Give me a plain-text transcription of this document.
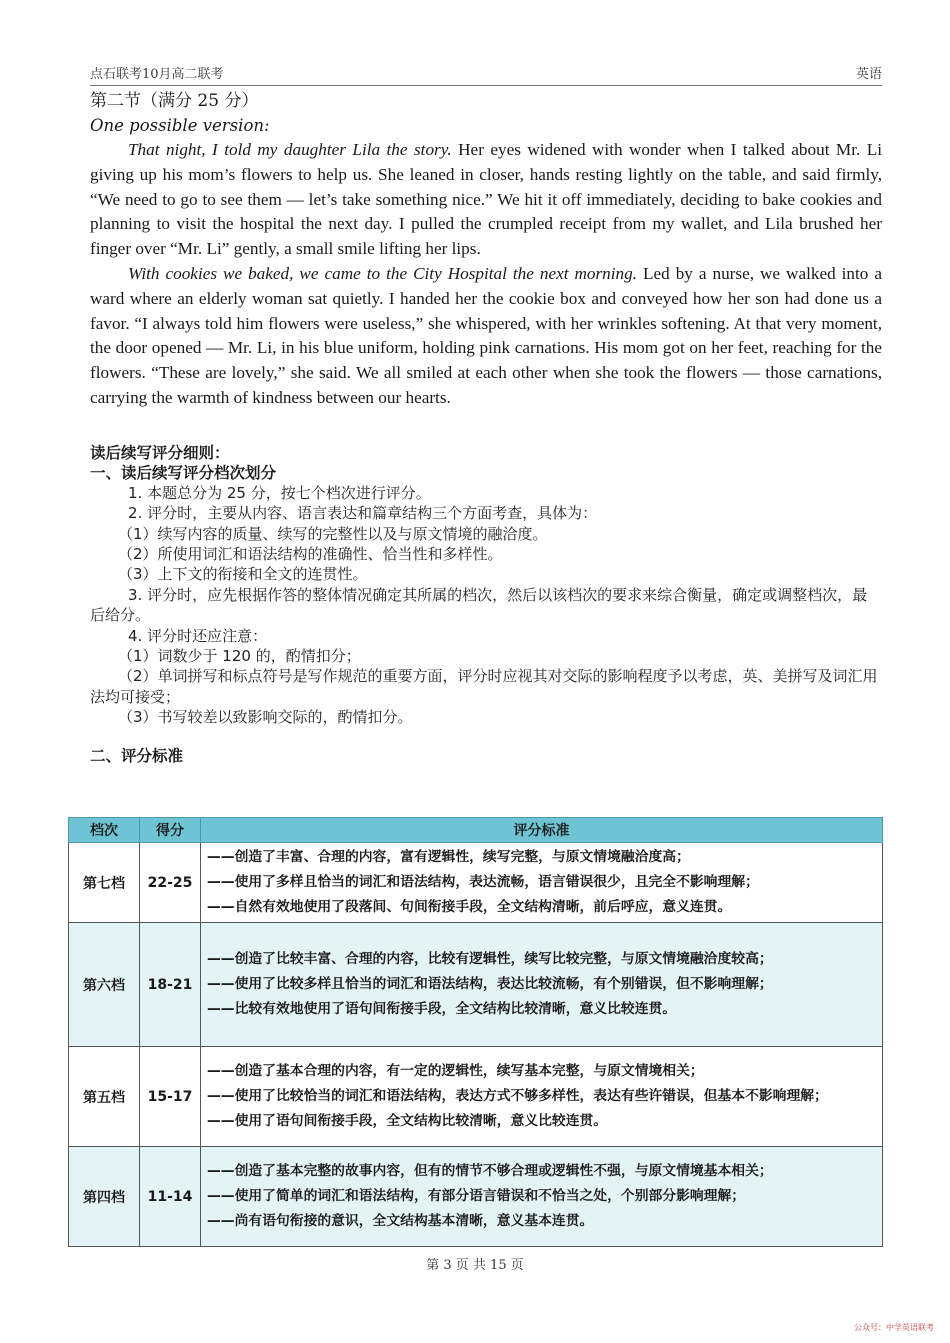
点石联考10月高二联考	英语
第二节（满分 25 分）
One possible version:

That night, I told my daughter Lila the story. Her eyes widened with wonder when I talked about Mr. Li giving up his mom’s flowers to help us. She leaned in closer, hands resting lightly on the table, and said firmly, “We need to go to see them — let’s take something nice.” We hit it off immediately, deciding to bake cookies and planning to visit the hospital the next day. I pulled the crumpled receipt from my wallet, and Lila brushed her finger over “Mr. Li” gently, a small smile lifting her lips.

With cookies we baked, we came to the City Hospital the next morning. Led by a nurse, we walked into a ward where an elderly woman sat quietly. I handed her the cookie box and conveyed how her son had done us a favor. “I always told him flowers were useless,” she whispered, with her wrinkles softening. At that very moment, the door opened — Mr. Li, in his blue uniform, holding pink carnations. His mom got on her feet, reaching for the flowers. “These are lovely,” she said. We all smiled at each other when she took the flowers — those carnations, carrying the warmth of kindness between our hearts.

读后续写评分细则：
一、读后续写评分档次划分
1. 本题总分为 25 分，按七个档次进行评分。
2. 评分时，主要从内容、语言表达和篇章结构三个方面考查，具体为：
（1）续写内容的质量、续写的完整性以及与原文情境的融洽度。
（2）所使用词汇和语法结构的准确性、恰当性和多样性。
（3）上下文的衔接和全文的连贯性。
3. 评分时，应先根据作答的整体情况确定其所属的档次，然后以该档次的要求来综合衡量，确定或调整档次，最后给分。
4. 评分时还应注意：
（1）词数少于 120 的，酌情扣分；
（2）单词拼写和标点符号是写作规范的重要方面，评分时应视其对交际的影响程度予以考虑，英、美拼写及词汇用法均可接受；
（3）书写较差以致影响交际的，酌情扣分。
二、评分标准
档次	得分	评分标准
第七档	22-25	——创造了丰富、合理的内容，富有逻辑性，续写完整，与原文情境融洽度高；
——使用了多样且恰当的词汇和语法结构，表达流畅，语言错误很少，且完全不影响理解；
——自然有效地使用了段落间、句间衔接手段，全文结构清晰，前后呼应，意义连贯。

第六档	18-21	——创造了比较丰富、合理的内容，比较有逻辑性，续写比较完整，与原文情境融洽度较高；
——使用了比较多样且恰当的词汇和语法结构，表达比较流畅，有个别错误，但不影响理解；
——比较有效地使用了语句间衔接手段，全文结构比较清晰，意义比较连贯。

第五档	15-17	——创造了基本合理的内容，有一定的逻辑性，续写基本完整，与原文情境相关；
——使用了比较恰当的词汇和语法结构，表达方式不够多样性，表达有些许错误，但基本不影响理解；
——使用了语句间衔接手段，全文结构比较清晰，意义比较连贯。

第四档	11-14	——创造了基本完整的故事内容，但有的情节不够合理或逻辑性不强，与原文情境基本相关；
——使用了简单的词汇和语法结构，有部分语言错误和不恰当之处，个别部分影响理解；
——尚有语句衔接的意识，全文结构基本清晰，意义基本连贯。
第 3 页 共 15 页
公众号：中学英语联考
